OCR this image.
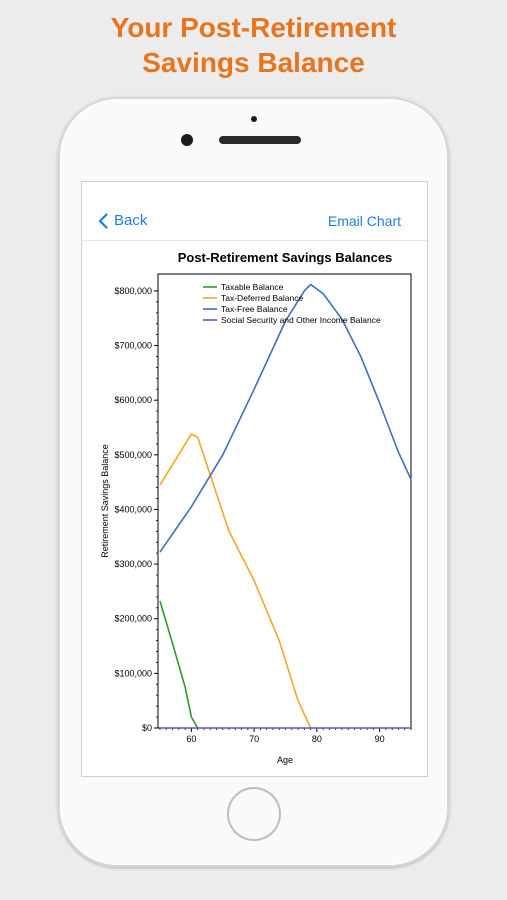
Your Post-Retirement
Savings Balance
Back	Email Chart
Post-Retirement Savings Balances
$0
$100,000
$200,000
$300,000
$400,000
$500,000
$600,000
$700,000
$800,000
60	70	80	90
Taxable Balance
Tax-Deferred Balance
Tax-Free Balance
Social Security and Other Income Balance
Retirement Savings Balance
Age
